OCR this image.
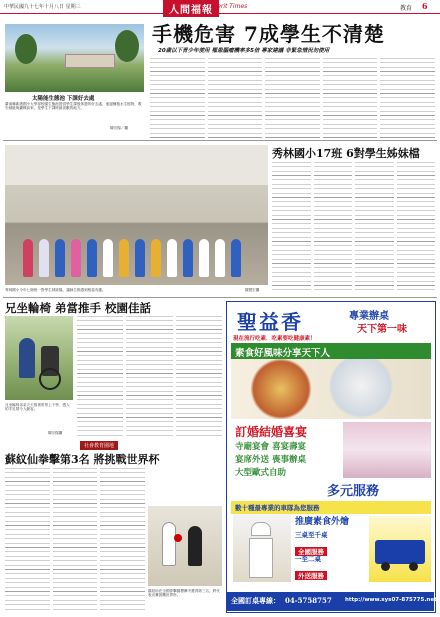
中華民國九十七年十月八日 星期三	人間福報 Merit Times	教育 6
太陽能生態池 下課好去處
臺南縣新港國小大學部校園生態池提供學生課後休憩的好去處，池邊種植水生植物，吸引蜻蜓與蝴蝶前來，是學生下課時最喜歡的地方。
陳宗揚／攝
手機危害 7成學生不清楚
20歲以下青少年使用 罹患腦瘤機率多5倍 專家建議 非緊急情況勿使用
秀林國小今年七個班一對學生姊妹檔，讓師生都感到相當有趣。	陳慧宏攝
秀林國小17班 6對學生姊妹檔
兄坐輪椅 弟當推手 校園佳話
兄坐輪椅弟弟天天推著哥哥上下學，感人的手足情令人動容。
陳宗揚攝
社會教育園地
蘇紋仙拳擊第3名 將挑戰世界杯
蘇紋仙在全國拳擊錦標賽中獲得第三名，將代表出賽挑戰世界杯。
聖益香	專業辦桌
天下第一味
現在流行吃素．吃素要吃健康素！
素食好風味分享天下人
訂婚結婚喜宴
寺廟宴會 喜宴壽宴
宴席外送 喪事辦桌
大型歐式自助
多元服務
數十種最專業的車隊為您服務
推廣素食外燴
三桌至千桌
全國服務
一至二桌
外送服務
全國訂桌專線： 04-5758757 http://www.sys07-875775.net
